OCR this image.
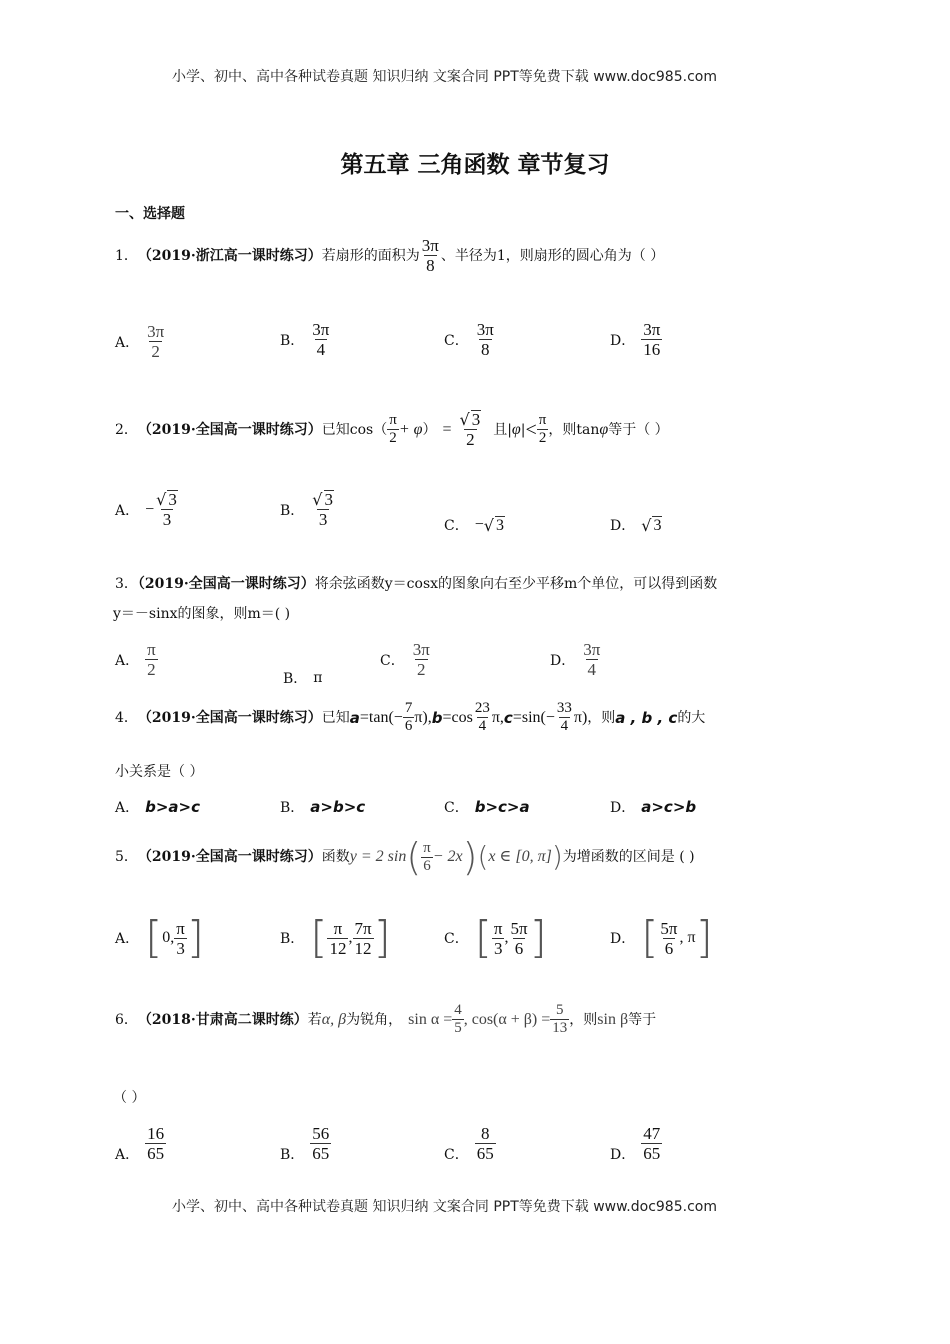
小学、初中、高中各种试卷真题 知识归纳 文案合同 PPT等免费下载 www.doc985.com
第五章 三角函数 章节复习
一、选择题
1． （2019·浙江高一课时练习） 若扇形的面积为 $\frac{3\pi}{8}$ 、半径为1，则扇形的圆心角为（ ）
A． $\frac{3\pi}{2}$	B． $\frac{3\pi}{4}$	C． $\frac{3\pi}{8}$	D． $\frac{3\pi}{16}$
2． （2019·全国高一课时练习） 已知$\cos( \frac{\pi}{2} + \varphi$ ） = $\frac{√ 3}{2}$ 且| φ | < $\frac{\pi}{2}$ ，则tan φ 等于（ ）
A． − $\frac{√ 3}{3}$	B． $\frac{√ 3}{3}$	C． − √ 3	D． √ 3
3．（2019·全国高一课时练习）将余弦函数y＝cosx的图象向右至少平移m个单位，可以得到函数
y＝－sinx的图象，则m＝( )
A． $\frac{\pi}{2}$	B． π
C． $\frac{3\pi}{2}$	D． $\frac{3\pi}{4}$
4． （2019·全国高一课时练习） 已知 $a =\tan(- \frac{7}{6} \pi)$, $b =\cos \frac{23}{4} \pi$, $c =\sin(- \frac{33}{4} \pi)$ ，则 a , b , c 的大
小关系是（ ）
A． b>a>c	B． a>b>c	C． b>c>a	D． a>c>b
5． （2019·全国高一课时练习） 函数 y = 2 sin ( $\frac{\pi}{6} - 2x$ ) ( x ∈ [0, π] ) 为增函数的区间是 ( )
A． [ 0, $\frac{\pi}{3}$ ]	B． [ $\frac{\pi}{12}$ , $\frac{7\pi}{12}$ ]	C． [ $\frac{\pi}{3}$ , $\frac{5\pi}{6}$ ]	D． [ $\frac{5\pi}{6}$ , π ]
6． （2018·甘肃高二课时练） 若 α, β 为锐角， $\sin \alpha = \frac{4}{5}$ , $\cos(\alpha + \beta) = \frac{5}{13}$ ，则 sin β 等于
（ ）
A． $\frac{16}{65}$	B． $\frac{56}{65}$	C． $\frac{8}{65}$	D． $\frac{47}{65}$
小学、初中、高中各种试卷真题 知识归纳 文案合同 PPT等免费下载 www.doc985.com
